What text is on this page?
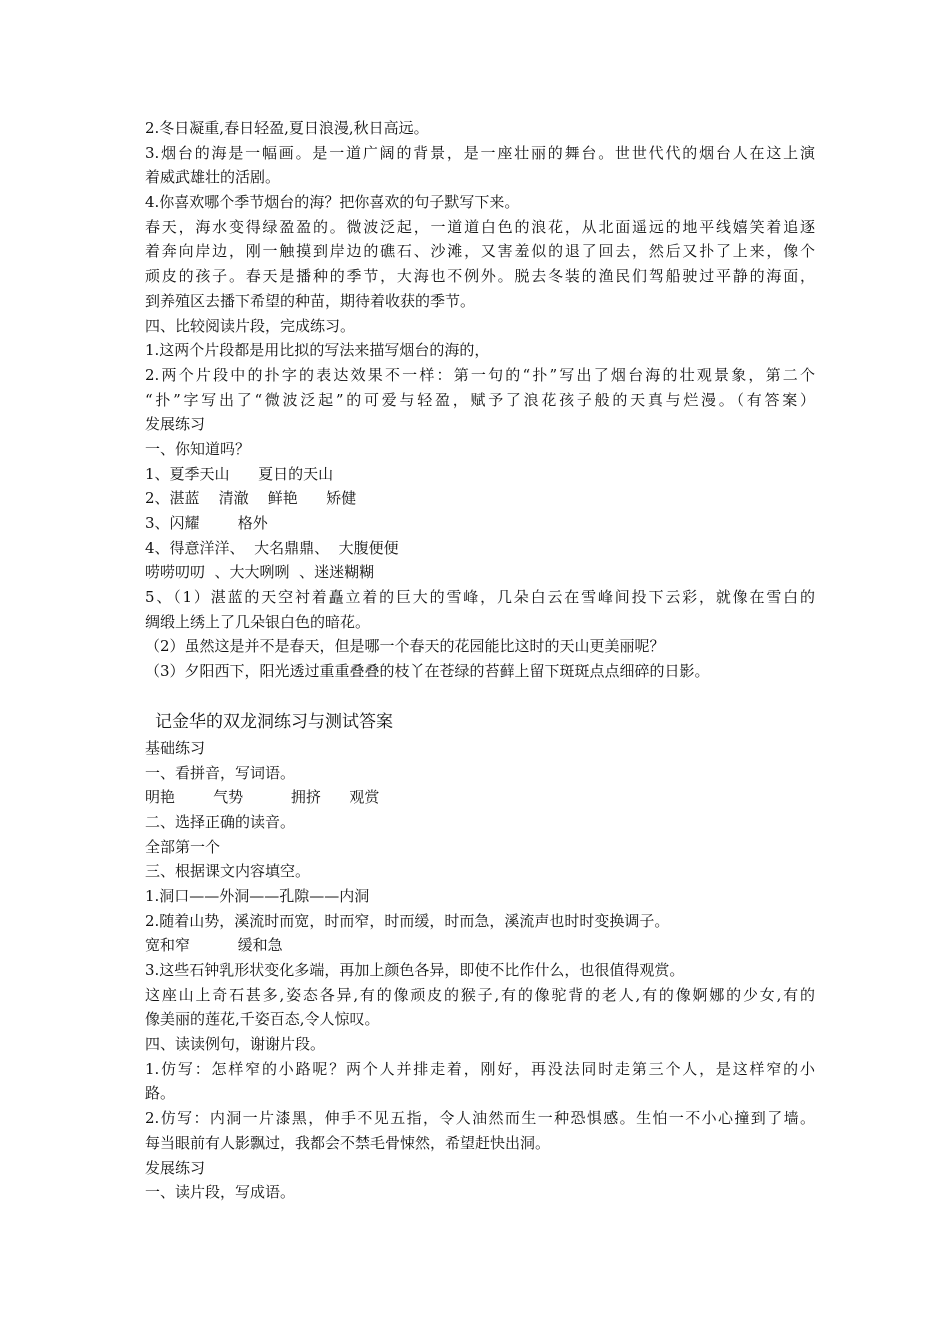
2.冬日凝重,春日轻盈,夏日浪漫,秋日高远。
3.烟台的海是一幅画。是一道广阔的背景，是一座壮丽的舞台。世世代代的烟台人在这上演
着威武雄壮的活剧。
4.你喜欢哪个季节烟台的海？把你喜欢的句子默写下来。
春天，海水变得绿盈盈的。微波泛起，一道道白色的浪花，从北面遥远的地平线嬉笑着追逐
着奔向岸边，刚一触摸到岸边的礁石、沙滩，又害羞似的退了回去，然后又扑了上来，像个
顽皮的孩子。春天是播种的季节，大海也不例外。脱去冬装的渔民们驾船驶过平静的海面，
到养殖区去播下希望的种苗，期待着收获的季节。
四、比较阅读片段，完成练习。
1.这两个片段都是用比拟的写法来描写烟台的海的，
2.两个片段中的扑字的表达效果不一样：第一句的“扑”写出了烟台海的壮观景象，第二个
“扑”字写出了“微波泛起”的可爱与轻盈，赋予了浪花孩子般的天真与烂漫。（有答案）
发展练习
一、你知道吗？
1、夏季天山      夏日的天山
2、湛蓝    清澈    鲜艳      矫健
3、闪耀        格外
4、得意洋洋、  大名鼎鼎、  大腹便便
唠唠叨叨  、大大咧咧  、迷迷糊糊
5、（1）湛蓝的天空衬着矗立着的巨大的雪峰，几朵白云在雪峰间投下云彩，就像在雪白的
绸缎上绣上了几朵银白色的暗花。
（2）虽然这是并不是春天，但是哪一个春天的花园能比这时的天山更美丽呢？
（3）夕阳西下，阳光透过重重叠叠的枝丫在苍绿的苔藓上留下斑斑点点细碎的日影。
记金华的双龙洞练习与测试答案
基础练习
一、看拼音，写词语。
明艳        气势          拥挤      观赏
二、选择正确的读音。
全部第一个
三、根据课文内容填空。
1.洞口——外洞——孔隙——内洞
2.随着山势，溪流时而宽，时而窄，时而缓，时而急，溪流声也时时变换调子。
宽和窄          缓和急
3.这些石钟乳形状变化多端，再加上颜色各异，即使不比作什么，也很值得观赏。
这座山上奇石甚多,姿态各异,有的像顽皮的猴子,有的像驼背的老人,有的像婀娜的少女,有的
像美丽的莲花,千姿百态,令人惊叹。
四、读读例句，谢谢片段。
1.仿写：怎样窄的小路呢？两个人并排走着，刚好，再没法同时走第三个人，是这样窄的小
路。
2.仿写：内洞一片漆黑，伸手不见五指，令人油然而生一种恐惧感。生怕一不小心撞到了墙。
每当眼前有人影飘过，我都会不禁毛骨悚然，希望赶快出洞。
发展练习
一、读片段，写成语。
